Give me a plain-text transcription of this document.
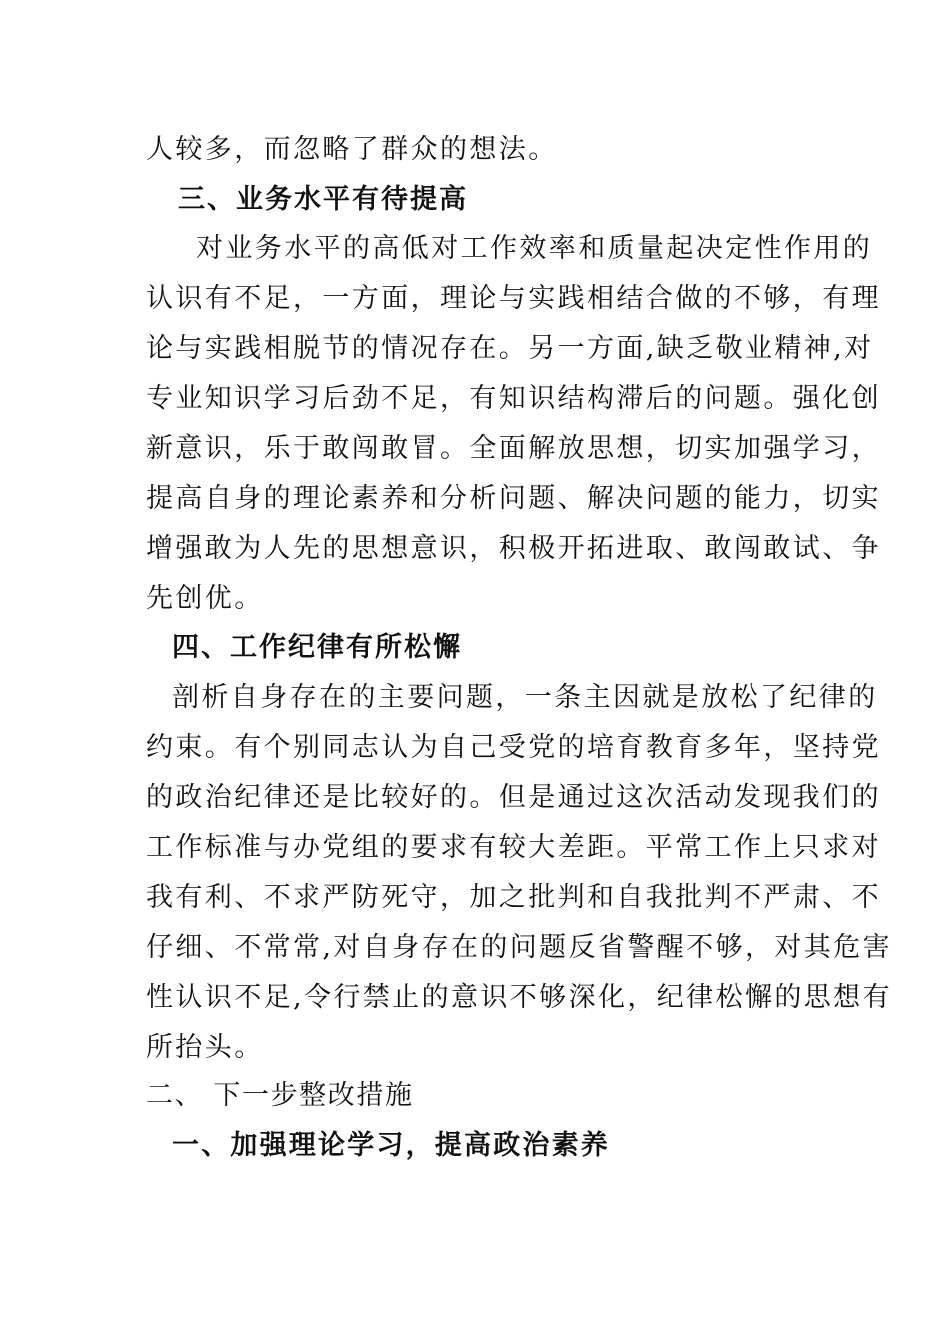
人较多，而忽略了群众的想法。
三、业务水平有待提高
对业务水平的高低对工作效率和质量起决定性作用的
认识有不足，一方面，理论与实践相结合做的不够，有理
论与实践相脱节的情况存在。另一方面,缺乏敬业精神,对
专业知识学习后劲不足，有知识结构滞后的问题。强化创
新意识，乐于敢闯敢冒。全面解放思想，切实加强学习，
提高自身的理论素养和分析问题、解决问题的能力，切实
增强敢为人先的思想意识，积极开拓进取、敢闯敢试、争
先创优。
四、工作纪律有所松懈
剖析自身存在的主要问题，一条主因就是放松了纪律的
约束。有个别同志认为自己受党的培育教育多年，坚持党
的政治纪律还是比较好的。但是通过这次活动发现我们的
工作标准与办党组的要求有较大差距。平常工作上只求对
我有利、不求严防死守，加之批判和自我批判不严肃、不
仔细、不常常,对自身存在的问题反省警醒不够，对其危害
性认识不足,令行禁止的意识不够深化，纪律松懈的思想有
所抬头。
二、 下一步整改措施
一、加强理论学习，提高政治素养
